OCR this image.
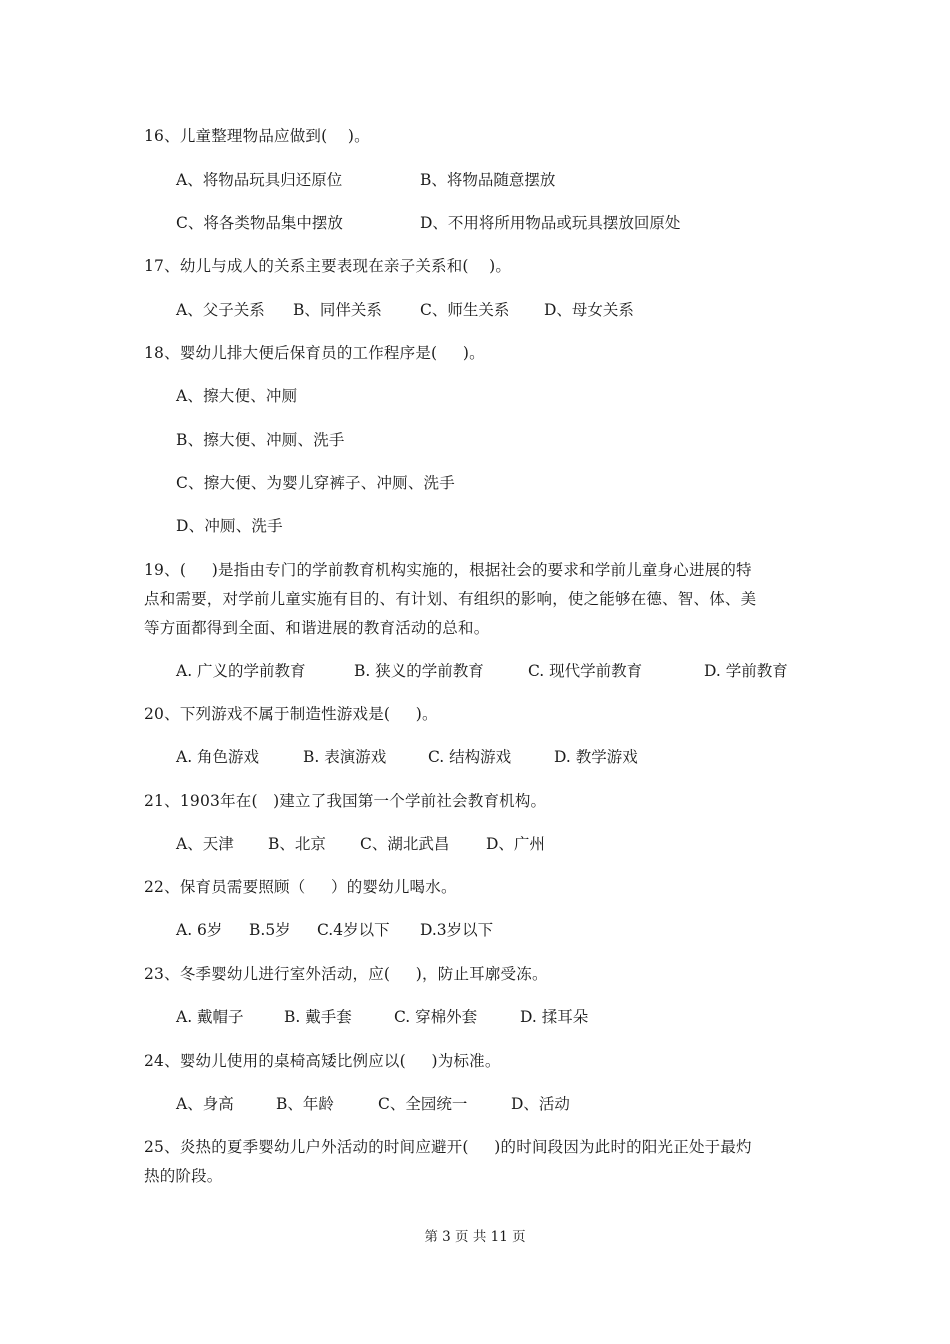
16、儿童整理物品应做到(    )。
A、将物品玩具归还原位	B、将物品随意摆放
C、将各类物品集中摆放	D、不用将所用物品或玩具摆放回原处
17、幼儿与成人的关系主要表现在亲子关系和(    )。
A、父子关系 B、同伴关系 C、师生关系 D、母女关系
18、婴幼儿排大便后保育员的工作程序是(     )。
A、擦大便、冲厕
B、擦大便、冲厕、洗手
C、擦大便、为婴儿穿裤子、冲厕、洗手
D、冲厕、洗手
19、(     )是指由专门的学前教育机构实施的，根据社会的要求和学前儿童身心进展的特
点和需要，对学前儿童实施有目的、有计划、有组织的影响，使之能够在德、智、体、美
等方面都得到全面、和谐进展的教育活动的总和。
A. 广义的学前教育	B. 狭义的学前教育	C. 现代学前教育	D. 学前教育
20、下列游戏不属于制造性游戏是(     )。
A. 角色游戏	B. 表演游戏	C. 结构游戏	D. 教学游戏
21、1903年在(   )建立了我国第一个学前社会教育机构。
A、天津 B、北京 C、湖北武昌 D、广州
22、保育员需要照顾（     ）的婴幼儿喝水。
A. 6岁 B.5岁 C.4岁以下 D.3岁以下
23、冬季婴幼儿进行室外活动，应(     )，防止耳廓受冻。
A. 戴帽子	B. 戴手套	C. 穿棉外套	D. 揉耳朵
24、婴幼儿使用的桌椅高矮比例应以(     )为标准。
A、身高	B、年龄	C、全园统一	D、活动
25、炎热的夏季婴幼儿户外活动的时间应避开(     )的时间段因为此时的阳光正处于最灼
热的阶段。
第 3 页 共 11 页
